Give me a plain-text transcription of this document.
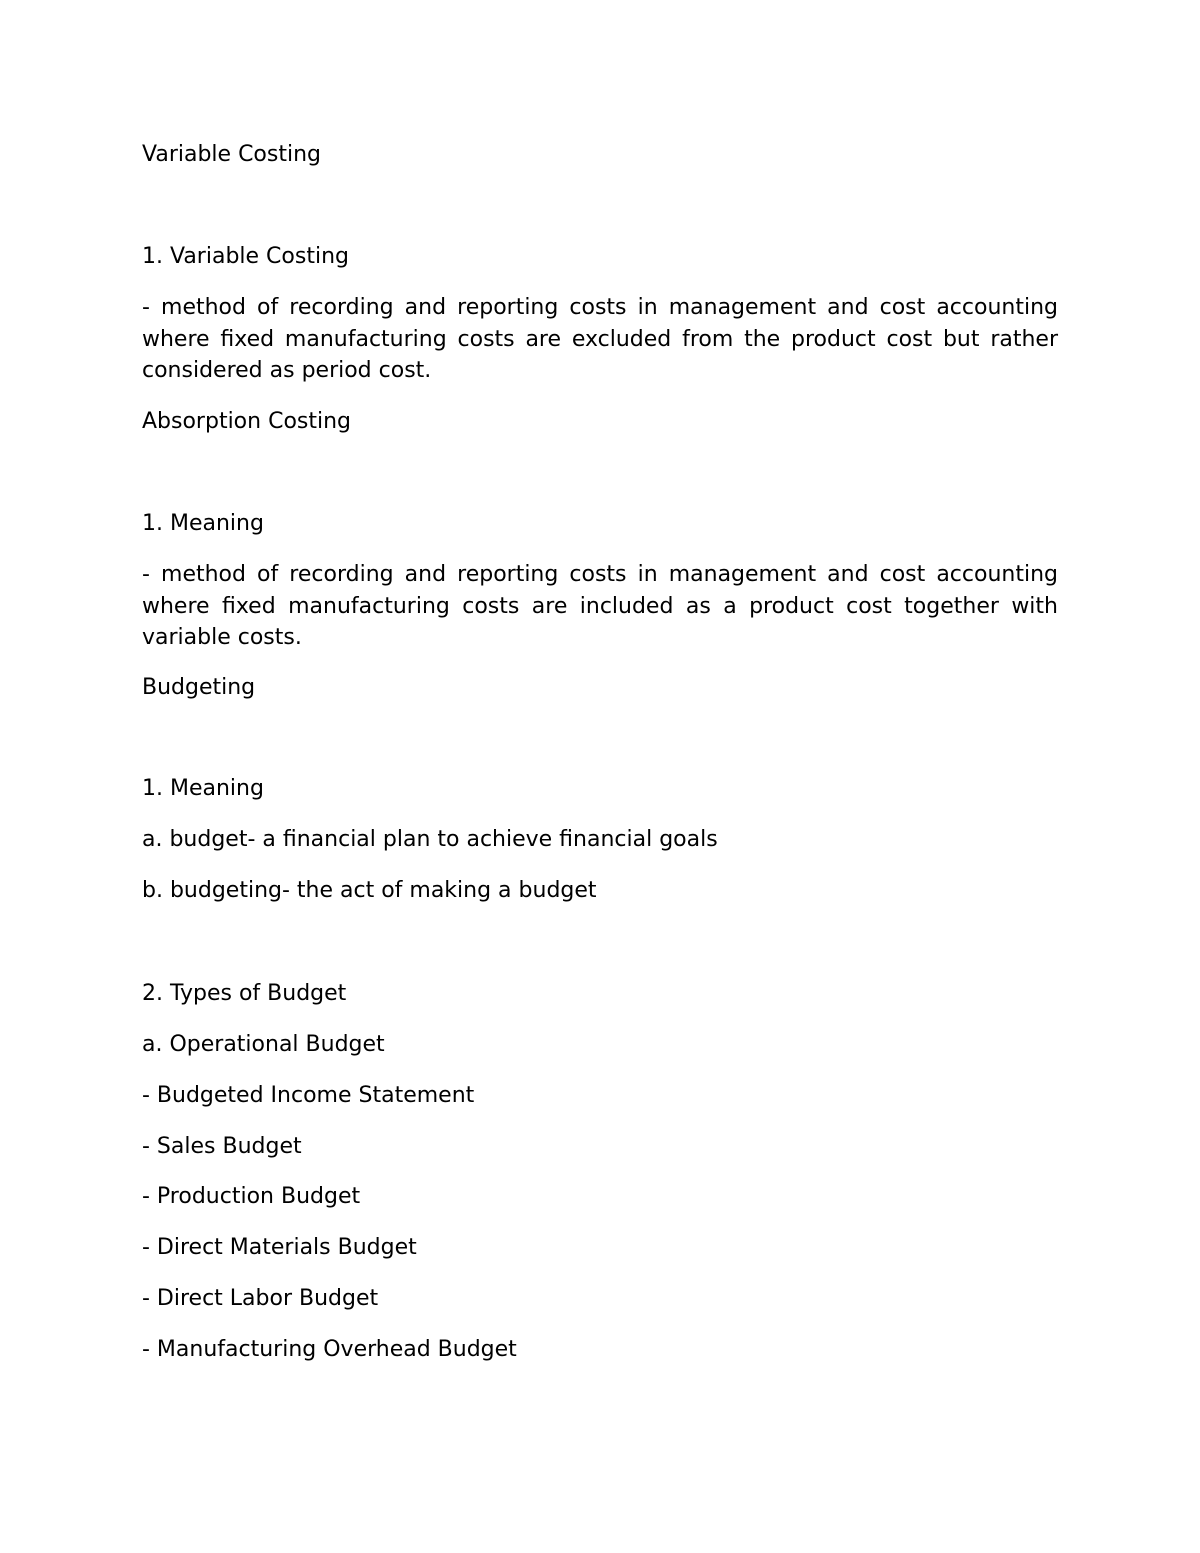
Variable Costing

1. Variable Costing

- method of recording and reporting costs in management and cost accounting where fixed manufacturing costs are excluded from the product cost but rather considered as period cost.

Absorption Costing

1. Meaning

- method of recording and reporting costs in management and cost accounting where fixed manufacturing costs are included as a product cost together with variable costs.

Budgeting

1. Meaning

a. budget- a financial plan to achieve financial goals

b. budgeting- the act of making a budget

2. Types of Budget

a. Operational Budget

- Budgeted Income Statement

- Sales Budget

- Production Budget

- Direct Materials Budget

- Direct Labor Budget

- Manufacturing Overhead Budget
